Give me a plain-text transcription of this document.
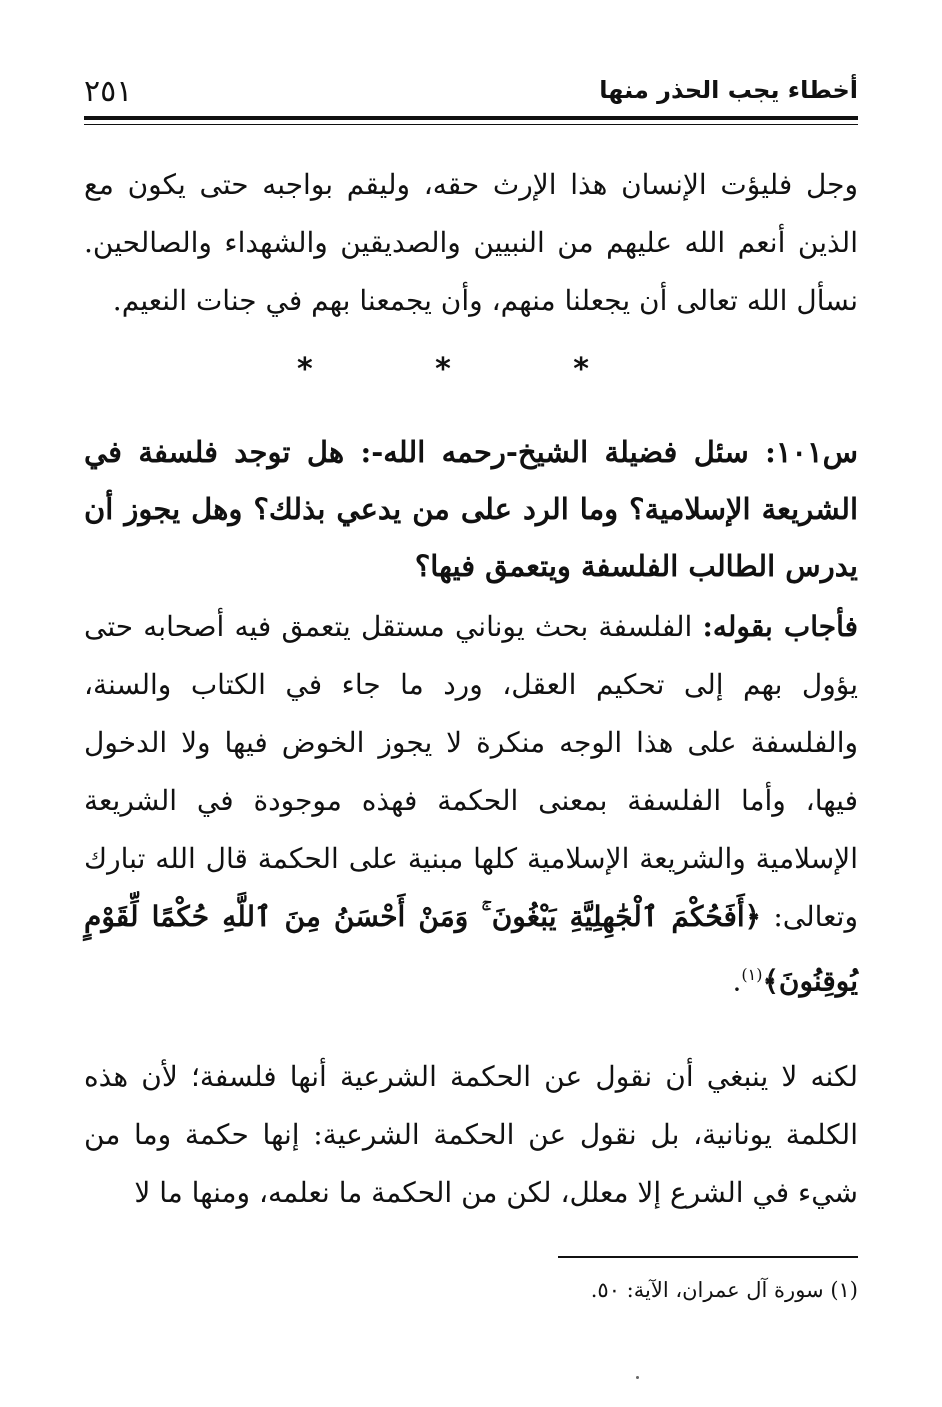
أخطاء يجب الحذر منها
٢٥١

وجل فليؤت الإنسان هذا الإرث حقه، وليقم بواجبه حتى يكون مع الذين أنعم الله عليهم من النبيين والصديقين والشهداء والصالحين. نسأل الله تعالى أن يجعلنا منهم، وأن يجمعنا بهم في جنات النعيم.

* * *

س١٠١: سئل فضيلة الشيخ-رحمه الله-: هل توجد فلسفة في الشريعة الإسلامية؟ وما الرد على من يدعي بذلك؟ وهل يجوز أن يدرس الطالب الفلسفة ويتعمق فيها؟

فأجاب بقوله: الفلسفة بحث يوناني مستقل يتعمق فيه أصحابه حتى يؤول بهم إلى تحكيم العقل، ورد ما جاء في الكتاب والسنة، والفلسفة على هذا الوجه منكرة لا يجوز الخوض فيها ولا الدخول فيها، وأما الفلسفة بمعنى الحكمة فهذه موجودة في الشريعة الإسلامية والشريعة الإسلامية كلها مبنية على الحكمة قال الله تبارك وتعالى: ﴿أَفَحُكْمَ ٱلْجَٰهِلِيَّةِ يَبْغُونَ ۚ وَمَنْ أَحْسَنُ مِنَ ٱللَّهِ حُكْمًا لِّقَوْمٍ يُوقِنُونَ﴾$^{(١)}$.

لكنه لا ينبغي أن نقول عن الحكمة الشرعية أنها فلسفة؛ لأن هذه الكلمة يونانية، بل نقول عن الحكمة الشرعية: إنها حكمة وما من شيء في الشرع إلا معلل، لكن من الحكمة ما نعلمه، ومنها ما لا

(١) سورة آل عمران، الآية: ٥٠.
